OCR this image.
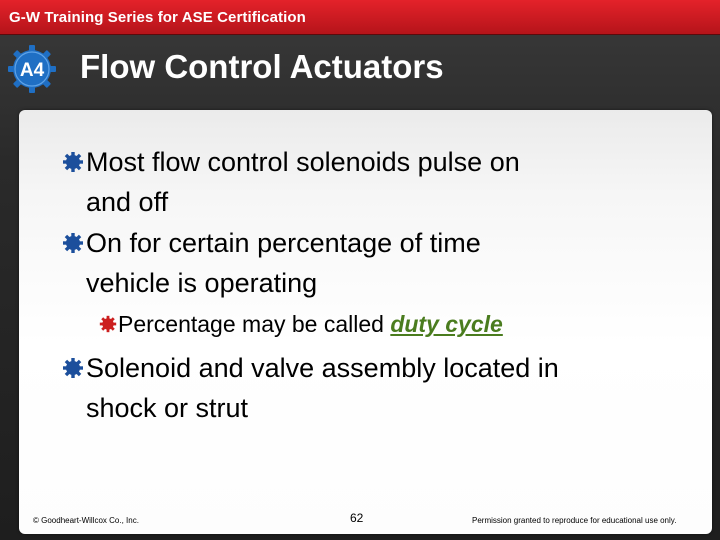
G-W Training Series for ASE Certification
A4 Flow Control Actuators
Most flow control solenoids pulse on
and off
On for certain percentage of time
vehicle is operating
Percentage may be called duty cycle
Solenoid and valve assembly located in
shock or strut
© Goodheart-Willcox Co., Inc.	62	Permission granted to reproduce for educational use only.
